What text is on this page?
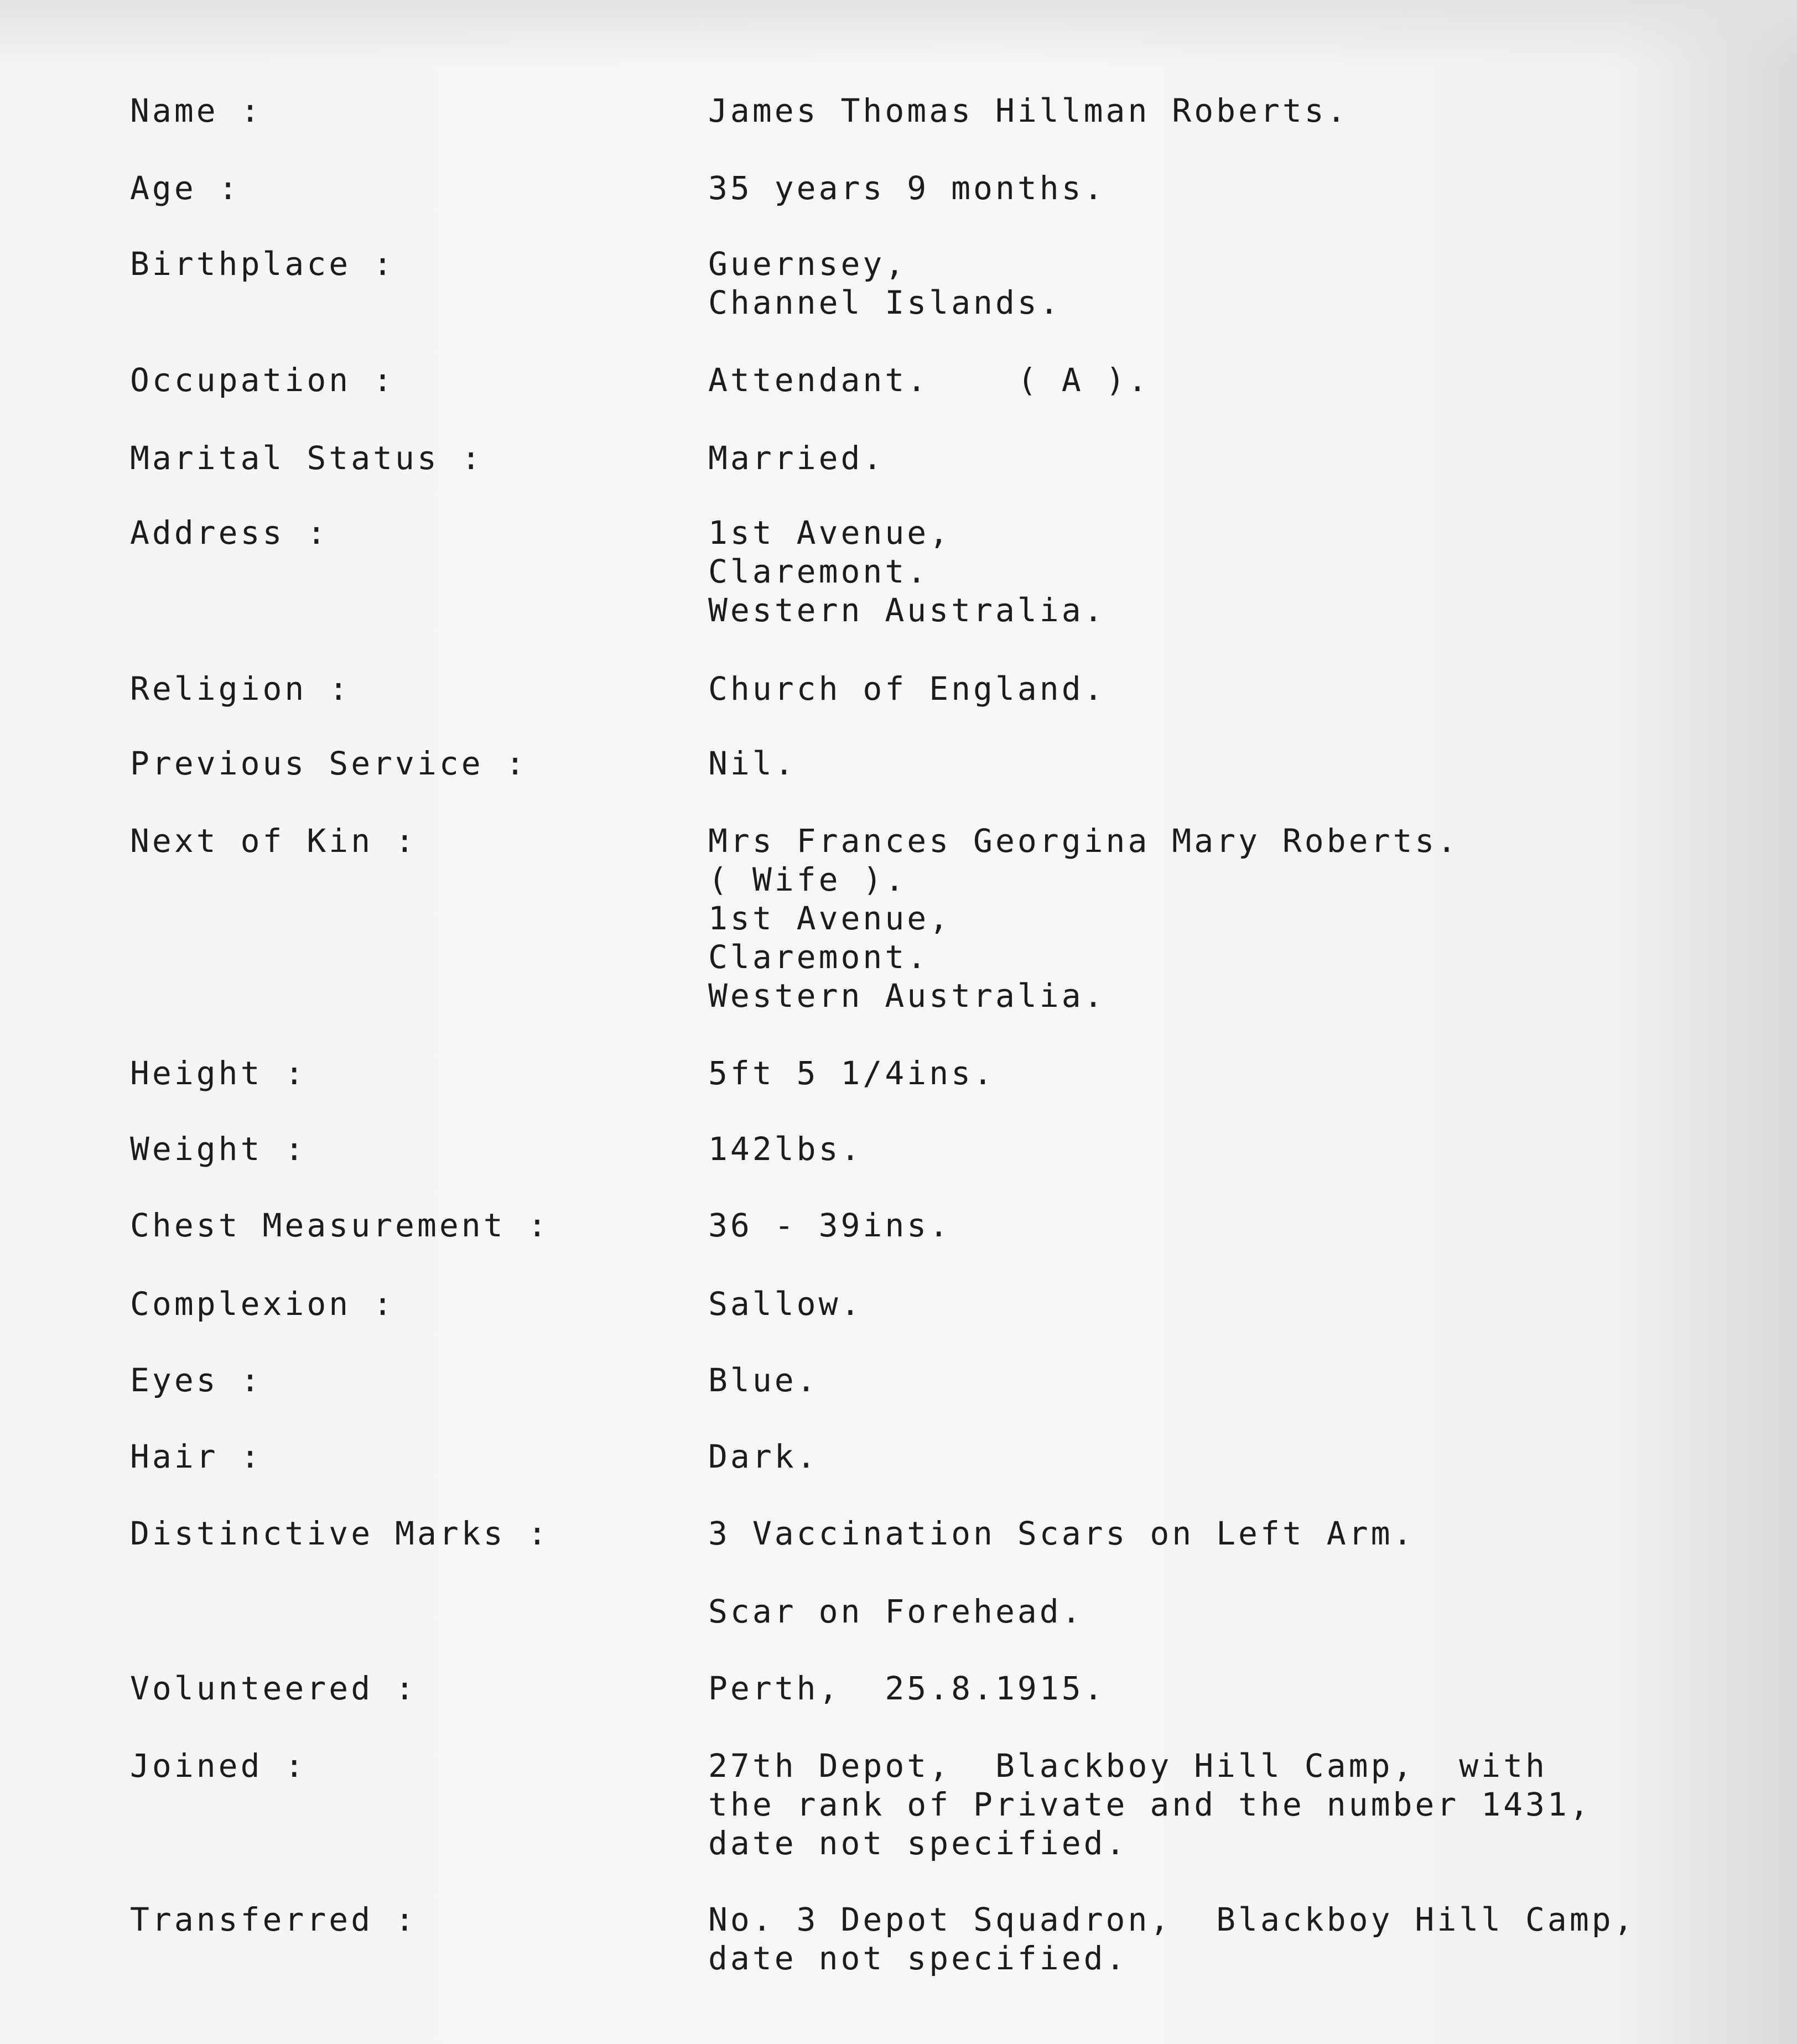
Name :	James Thomas Hillman Roberts.
Age :	35 years 9 months.
Birthplace :	Guernsey,
Channel Islands.
Occupation :	Attendant.    ( A ).
Marital Status :	Married.
Address :	1st Avenue,
Claremont.
Western Australia.
Religion :	Church of England.
Previous Service :	Nil.
Next of Kin :	Mrs Frances Georgina Mary Roberts.
( Wife ).
1st Avenue,
Claremont.
Western Australia.
Height :	5ft 5 1/4ins.
Weight :	142lbs.
Chest Measurement :	36 - 39ins.
Complexion :	Sallow.
Eyes :	Blue.
Hair :	Dark.
Distinctive Marks :	3 Vaccination Scars on Left Arm.
Scar on Forehead.
Volunteered :	Perth,  25.8.1915.
Joined :	27th Depot,  Blackboy Hill Camp,  with
the rank of Private and the number 1431,
date not specified.
Transferred :	No. 3 Depot Squadron,  Blackboy Hill Camp,
date not specified.
